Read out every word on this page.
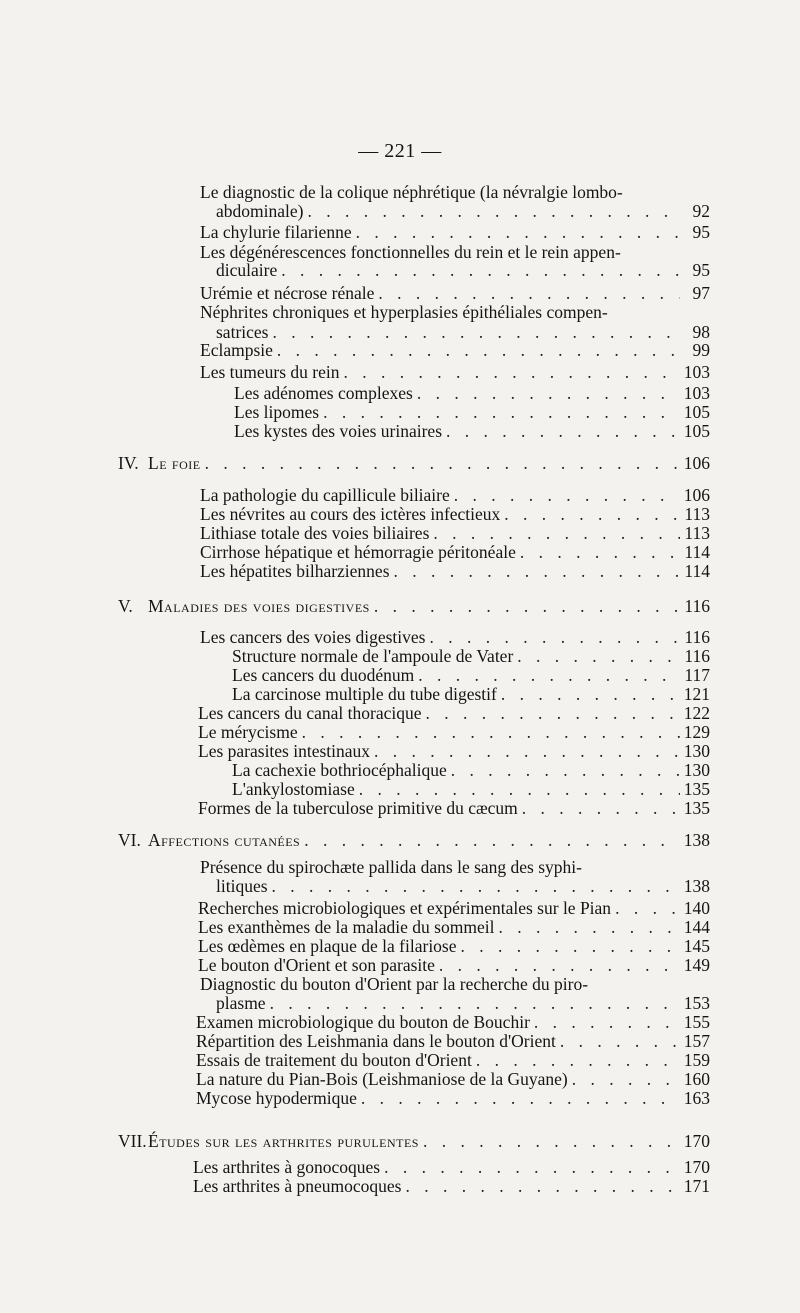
— 221 —
Le diagnostic de la colique néphrétique (la névralgie lombo-
abdominale) . . .	92
La chylurie filarienne . . .	95
Les dégénérescences fonctionnelles du rein et le rein appen-
diculaire . . .	95
Urémie et nécrose rénale . . .	97
Néphrites chroniques et hyperplasies épithéliales compen-
satrices . . .	98
Eclampsie . . .	99
Les tumeurs du rein . . .	103
Les adénomes complexes . . .	103
Les lipomes . . .	105
Les kystes des voies urinaires . . .	105
IV. Le foie . . .	106
La pathologie du capillicule biliaire . . .	106
Les névrites au cours des ictères infectieux . . .	113
Lithiase totale des voies biliaires . . .	113
Cirrhose hépatique et hémorragie péritonéale . . .	114
Les hépatites bilharziennes . . .	114
V. Maladies des voies digestives . . .	116
Les cancers des voies digestives . . .	116
Structure normale de l'ampoule de Vater . . .	116
Les cancers du duodénum . . .	117
La carcinose multiple du tube digestif . . .	121
Les cancers du canal thoracique . . .	122
Le mérycisme . . .	129
Les parasites intestinaux . . .	130
La cachexie bothriocéphalique . . .	130
L'ankylostomiase . . .	135
Formes de la tuberculose primitive du cæcum . . .	135
VI. Affections cutanées . . .	138
Présence du spirochæte pallida dans le sang des syphi-
litiques . . .	138
Recherches microbiologiques et expérimentales sur le Pian . . .	140
Les exanthèmes de la maladie du sommeil . . .	144
Les œdèmes en plaque de la filariose . . .	145
Le bouton d'Orient et son parasite . . .	149
Diagnostic du bouton d'Orient par la recherche du piro-
plasme . . .	153
Examen microbiologique du bouton de Bouchir . . .	155
Répartition des Leishmania dans le bouton d'Orient . . .	157
Essais de traitement du bouton d'Orient . . .	159
La nature du Pian-Bois (Leishmaniose de la Guyane) . . .	160
Mycose hypodermique . . .	163
VII. Études sur les arthrites purulentes . . .	170
Les arthrites à gonocoques . . .	170
Les arthrites à pneumocoques . . .	171
